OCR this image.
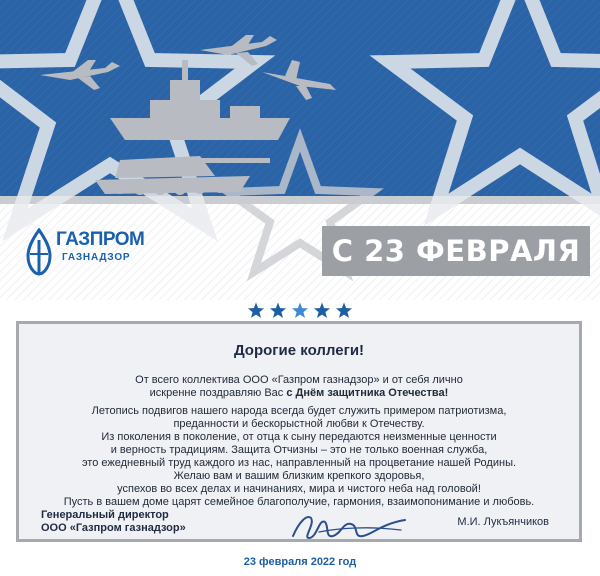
ГАЗПРОМ
ГАЗНАДЗОР	С 23 ФЕВРАЛЯ
Дорогие коллеги!
От всего коллектива ООО «Газпром газнадзор» и от себя лично
искренне поздравляю Вас с Днём защитника Отечества!
Летопись подвигов нашего народа всегда будет служить примером патриотизма,
преданности и бескорыстной любви к Отечеству.
Из поколения в поколение, от отца к сыну передаются неизменные ценности
и верность традициям. Защита Отчизны – это не только военная служба,
это ежедневный труд каждого из нас, направленный на процветание нашей Родины.
Желаю вам и вашим близким крепкого здоровья,
успехов во всех делах и начинаниях, мира и чистого неба над головой!
Пусть в вашем доме царят семейное благополучие, гармония, взаимопонимание и любовь.
Генеральный директор
ООО «Газпром газнадзор»	М.И. Лукъянчиков
23 февраля 2022 год
